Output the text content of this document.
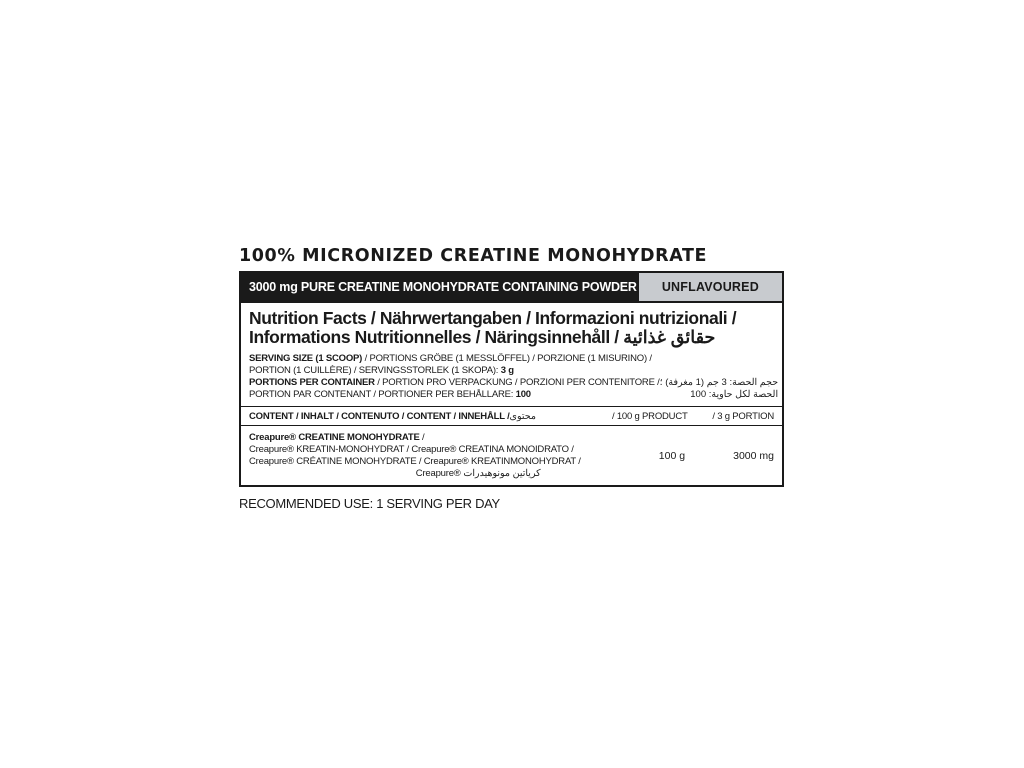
100% MICRONIZED CREATINE MONOHYDRATE
3000 mg PURE CREATINE MONOHYDRATE CONTAINING POWDER	UNFLAVOURED
Nutrition Facts / Nährwertangaben / Informazioni nutrizionali /
Informations Nutritionnelles / Näringsinnehåll / حقائق غذائية
SERVING SIZE (1 SCOOP) / PORTIONS GRÖBE (1 MESSLÖFFEL) / PORZIONE (1 MISURINO) /
PORTION (1 CUILLÈRE) / SERVINGSSTORLEK (1 SKOPA): 3 g
PORTIONS PER CONTAINER / PORTION PRO VERPACKUNG / PORZIONI PER CONTENITORE /
PORTION PAR CONTENANT / PORTIONER PER BEHÅLLARE: 100
حجم الحصة: 3 جم (1 مغرفة) ؛
الحصة لكل حاوية: 100
CONTENT / INHALT / CONTENUTO / CONTENT / INNEHÅLL / محتوى	/ 100 g PRODUCT	/ 3 g PORTION
Creapure® CREATINE MONOHYDRATE /
Creapure® KREATIN-MONOHYDRAT / Creapure® CREATINA MONOIDRATO /
Creapure® CRÉATINE MONOHYDRATE / Creapure® KREATINMONOHYDRAT /
كرياتين مونوهيدرات ®Creapure
100 g	3000 mg
RECOMMENDED USE: 1 SERVING PER DAY
